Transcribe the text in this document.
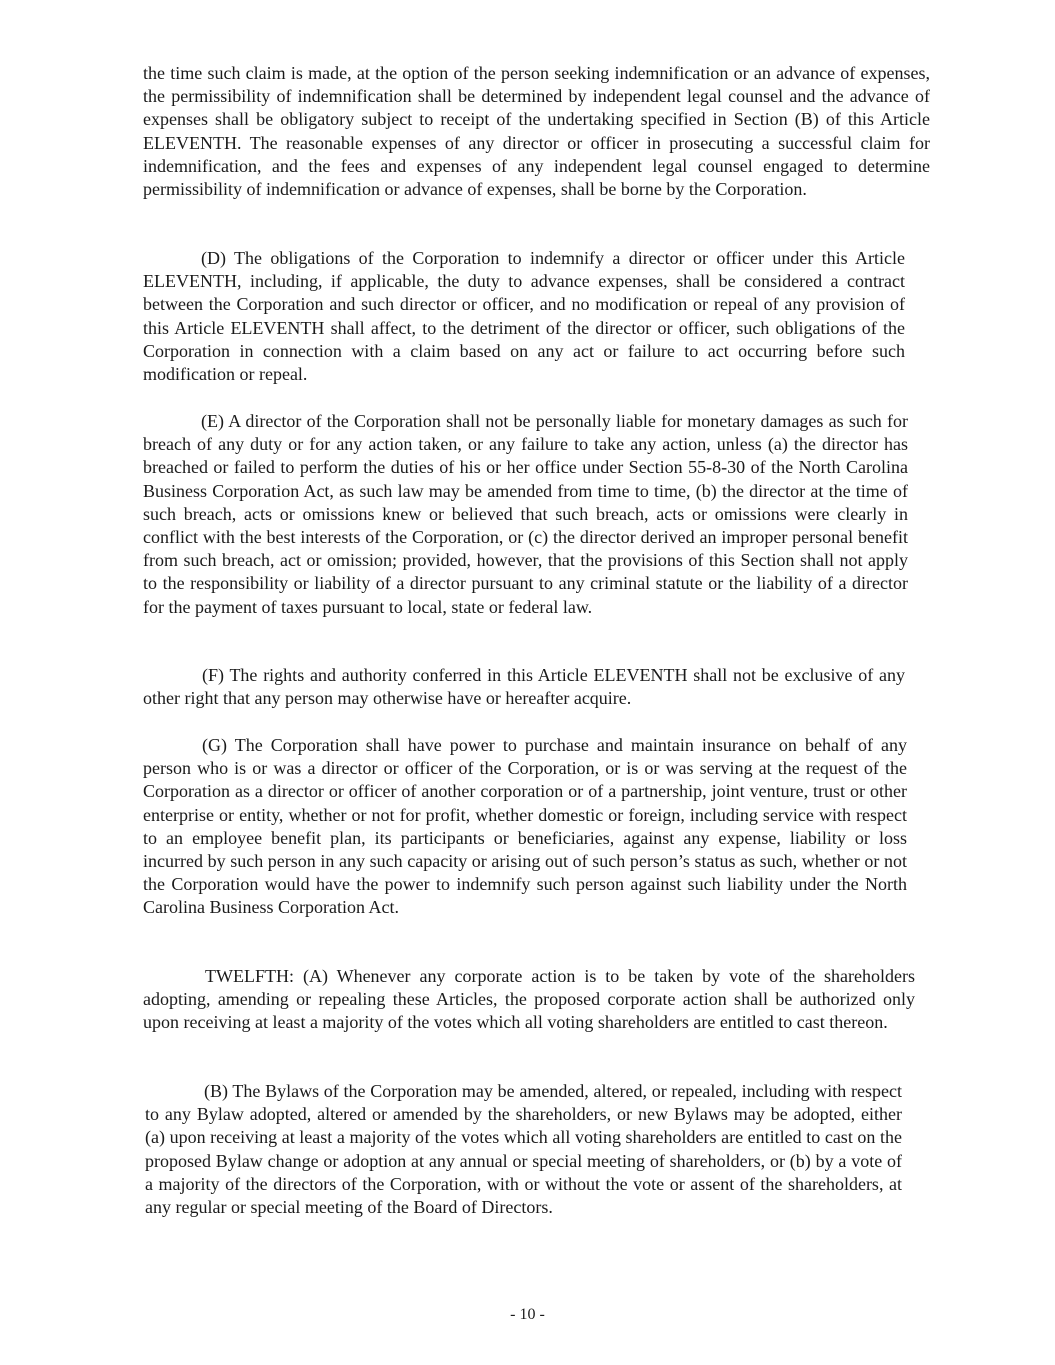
the time such claim is made, at the option of the person seeking indemnification or an advance of expenses, the permissibility of indemnification shall be determined by independent legal counsel and the advance of expenses shall be obligatory subject to receipt of the undertaking specified in Section (B) of this Article ELEVENTH. The reasonable expenses of any director or officer in prosecuting a successful claim for indemnification, and the fees and expenses of any independent legal counsel engaged to determine permissibility of indemnification or advance of expenses, shall be borne by the Corporation.

(D) The obligations of the Corporation to indemnify a director or officer under this Article ELEVENTH, including, if applicable, the duty to advance expenses, shall be considered a contract between the Corporation and such director or officer, and no modification or repeal of any provision of this Article ELEVENTH shall affect, to the detriment of the director or officer, such obligations of the Corporation in connection with a claim based on any act or failure to act occurring before such modification or repeal.

(E) A director of the Corporation shall not be personally liable for monetary damages as such for breach of any duty or for any action taken, or any failure to take any action, unless (a) the director has breached or failed to perform the duties of his or her office under Section 55-8-30 of the North Carolina Business Corporation Act, as such law may be amended from time to time, (b) the director at the time of such breach, acts or omissions knew or believed that such breach, acts or omissions were clearly in conflict with the best interests of the Corporation, or (c) the director derived an improper personal benefit from such breach, act or omission; provided, however, that the provisions of this Section shall not apply to the responsibility or liability of a director pursuant to any criminal statute or the liability of a director for the payment of taxes pursuant to local, state or federal law.

(F) The rights and authority conferred in this Article ELEVENTH shall not be exclusive of any other right that any person may otherwise have or hereafter acquire.

(G) The Corporation shall have power to purchase and maintain insurance on behalf of any person who is or was a director or officer of the Corporation, or is or was serving at the request of the Corporation as a director or officer of another corporation or of a partnership, joint venture, trust or other enterprise or entity, whether or not for profit, whether domestic or foreign, including service with respect to an employee benefit plan, its participants or beneficiaries, against any expense, liability or loss incurred by such person in any such capacity or arising out of such person’s status as such, whether or not the Corporation would have the power to indemnify such person against such liability under the North Carolina Business Corporation Act.

TWELFTH: (A) Whenever any corporate action is to be taken by vote of the shareholders adopting, amending or repealing these Articles, the proposed corporate action shall be authorized only upon receiving at least a majority of the votes which all voting shareholders are entitled to cast thereon.

(B) The Bylaws of the Corporation may be amended, altered, or repealed, including with respect to any Bylaw adopted, altered or amended by the shareholders, or new Bylaws may be adopted, either (a) upon receiving at least a majority of the votes which all voting shareholders are entitled to cast on the proposed Bylaw change or adoption at any annual or special meeting of shareholders, or (b) by a vote of a majority of the directors of the Corporation, with or without the vote or assent of the shareholders, at any regular or special meeting of the Board of Directors.

- 10 -
